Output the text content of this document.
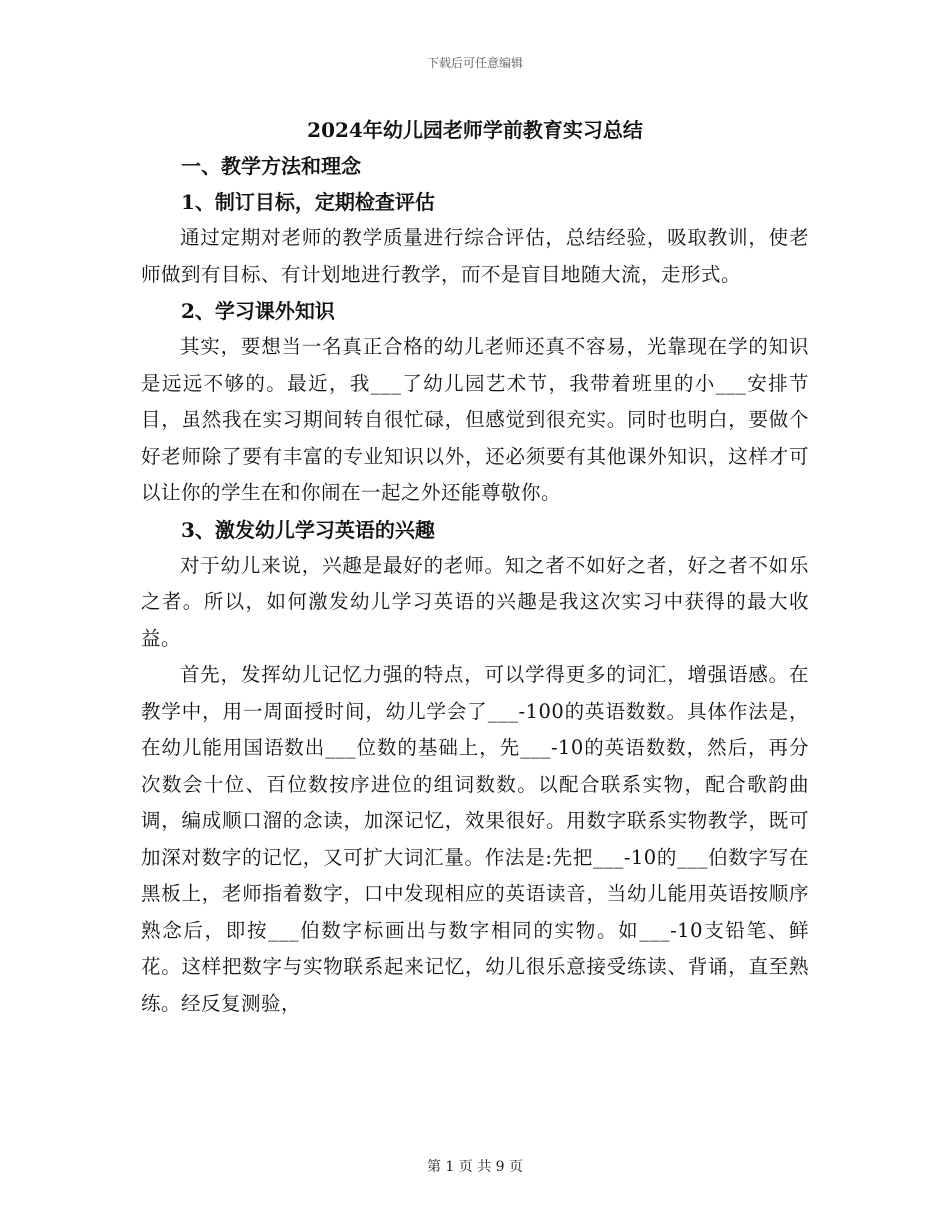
下载后可任意编辑
2024年幼儿园老师学前教育实习总结

一、教学方法和理念

1、制订目标，定期检查评估

通过定期对老师的教学质量进行综合评估，总结经验，吸取教训，使老师做到有目标、有计划地进行教学，而不是盲目地随大流，走形式。

2、学习课外知识

其实，要想当一名真正合格的幼儿老师还真不容易，光靠现在学的知识是远远不够的。最近，我___了幼儿园艺术节，我带着班里的小___安排节目，虽然我在实习期间转自很忙碌，但感觉到很充实。同时也明白，要做个好老师除了要有丰富的专业知识以外，还必须要有其他课外知识，这样才可以让你的学生在和你闹在一起之外还能尊敬你。

3、激发幼儿学习英语的兴趣

对于幼儿来说，兴趣是最好的老师。知之者不如好之者，好之者不如乐之者。所以，如何激发幼儿学习英语的兴趣是我这次实习中获得的最大收益。

首先，发挥幼儿记忆力强的特点，可以学得更多的词汇，增强语感。在教学中，用一周面授时间，幼儿学会了___-100的英语数数。具体作法是，在幼儿能用国语数出___位数的基础上，先___-10的英语数数，然后，再分次数会十位、百位数按序进位的组词数数。以配合联系实物，配合歌韵曲调，编成顺口溜的念读，加深记忆，效果很好。用数字联系实物教学，既可加深对数字的记忆，又可扩大词汇量。作法是:先把___-10的___伯数字写在黑板上，老师指着数字，口中发现相应的英语读音，当幼儿能用英语按顺序熟念后，即按___伯数字标画出与数字相同的实物。如___-10支铅笔、鲜花。这样把数字与实物联系起来记忆，幼儿很乐意接受练读、背诵，直至熟练。经反复测验，

第 1 页 共 9 页
